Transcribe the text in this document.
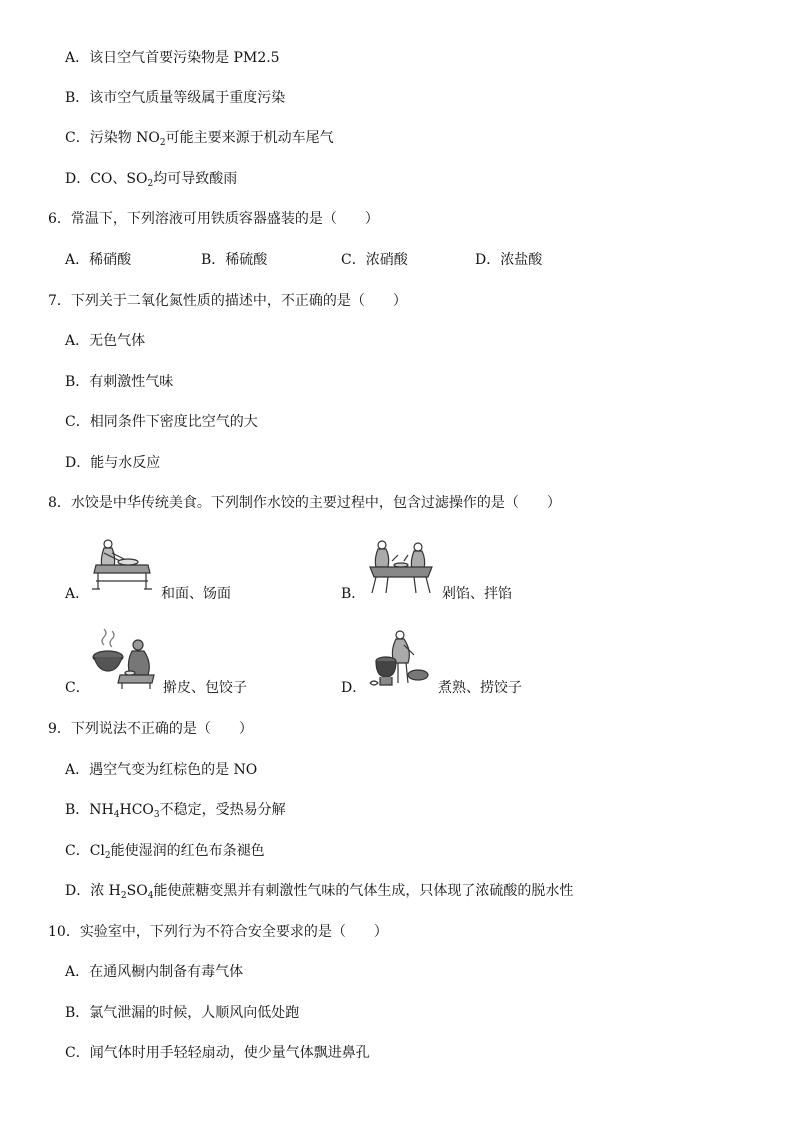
A．该日空气首要污染物是 PM2.5
B．该市空气质量等级属于重度污染
C．污染物 $NO_2$可能主要来源于机动车尾气
D．CO、$SO_2$均可导致酸雨
6．常温下，下列溶液可用铁质容器盛装的是（　　）
A．稀硝酸	B．稀硫酸	C．浓硝酸	D．浓盐酸
7．下列关于二氧化氮性质的描述中，不正确的是（　　）
A．无色气体
B．有刺激性气味
C．相同条件下密度比空气的大
D．能与水反应
8．水饺是中华传统美食。下列制作水饺的主要过程中，包含过滤操作的是（　　）
A．	和面、饧面	B．	剁馅、拌馅
C．	擀皮、包饺子	D．	煮熟、捞饺子
9．下列说法不正确的是（　　）
A．遇空气变为红棕色的是 NO
B．$NH_4HCO_3$不稳定，受热易分解
C．$Cl_2$能使湿润的红色布条褪色
D．浓 $H_2SO_4$能使蔗糖变黑并有刺激性气味的气体生成，只体现了浓硫酸的脱水性
10．实验室中，下列行为不符合安全要求的是（　　）
A．在通风橱内制备有毒气体
B．氯气泄漏的时候，人顺风向低处跑
C．闻气体时用手轻轻扇动，使少量气体飘进鼻孔
